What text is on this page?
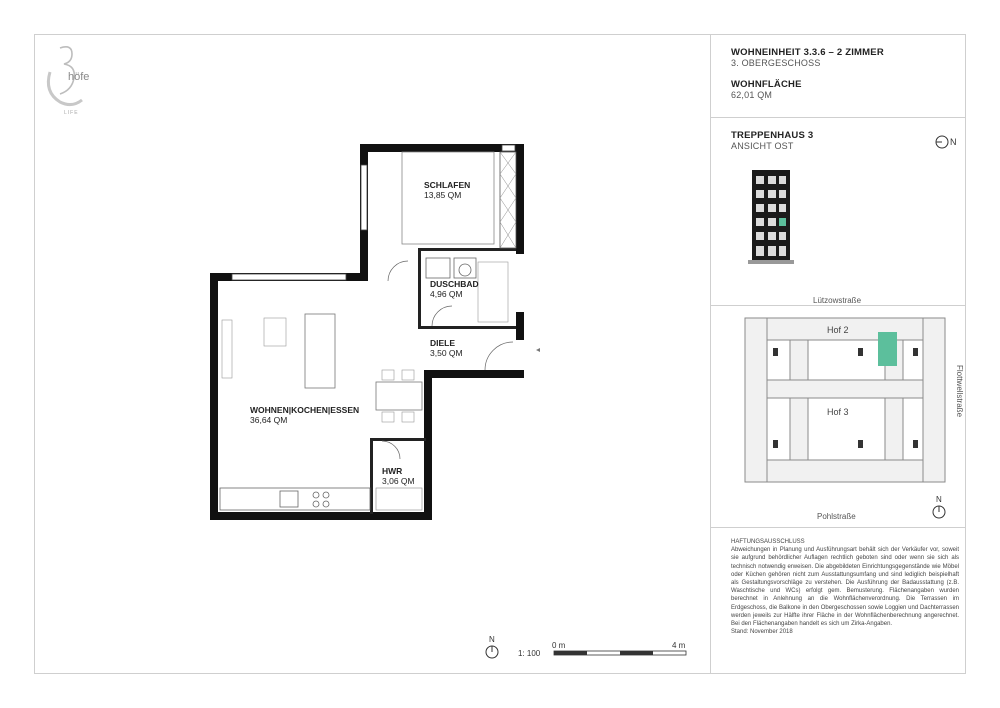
höfe
LIFE
WOHNEINHEIT 3.3.6 – 2 ZIMMER
3. OBERGESCHOSS
WOHNFLÄCHE
62,01 QM
TREPPENHAUS 3
ANSICHT OST	N
Lützowstraße
Pohlstraße
Flottwellstraße
Hof 2
Hof 3
N
HAFTUNGSAUSSCHLUSS
Abweichungen in Planung und Ausführungsart behält sich der Verkäufer vor, soweit sie aufgrund behördlicher Auflagen rechtlich geboten sind oder wenn sie sich als technisch notwendig erweisen. Die abgebildeten Einrichtungsgegenstände wie Möbel oder Küchen gehören nicht zum Ausstattungsumfang und sind lediglich beispielhaft als Gestaltungsvorschläge zu verstehen. Die Ausführung der Badausstattung (z.B. Waschtische und WCs) erfolgt gem. Bemusterung. Flächenangaben wurden berechnet in Anlehnung an die Wohnflächenverordnung. Die Terrassen im Erdgeschoss, die Balkone in den Obergeschossen sowie Loggien und Dachterrassen werden jeweils zur Hälfte ihrer Fläche in der Wohnflächenberechnung angerechnet. Bei den Flächenangaben handelt es sich um Zirka-Angaben.
Stand: November 2018
SCHLAFEN
13,85 QM
DUSCHBAD
4,96 QM
DIELE
3,50 QM
WOHNEN|KOCHEN|ESSEN
36,64 QM
HWR
3,06 QM
N
1: 100
0 m	4 m
